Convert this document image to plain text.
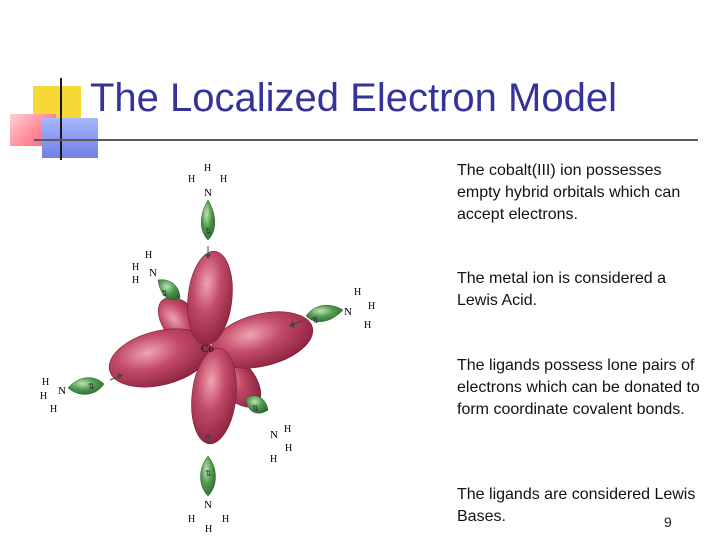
The Localized Electron Model
Co
H
H H
N
⇅
H
H N
H
⇅	H
H
N
H
⇅
H
N
H
H
⇅
⇅
H
N
H
H
⇅
N
H	H
H

The cobalt(III) ion possesses empty hybrid orbitals which can accept electrons.

The metal ion is considered a Lewis Acid.

The ligands possess lone pairs of electrons which can be donated to form coordinate covalent bonds.

The ligands are considered Lewis Bases.	9
